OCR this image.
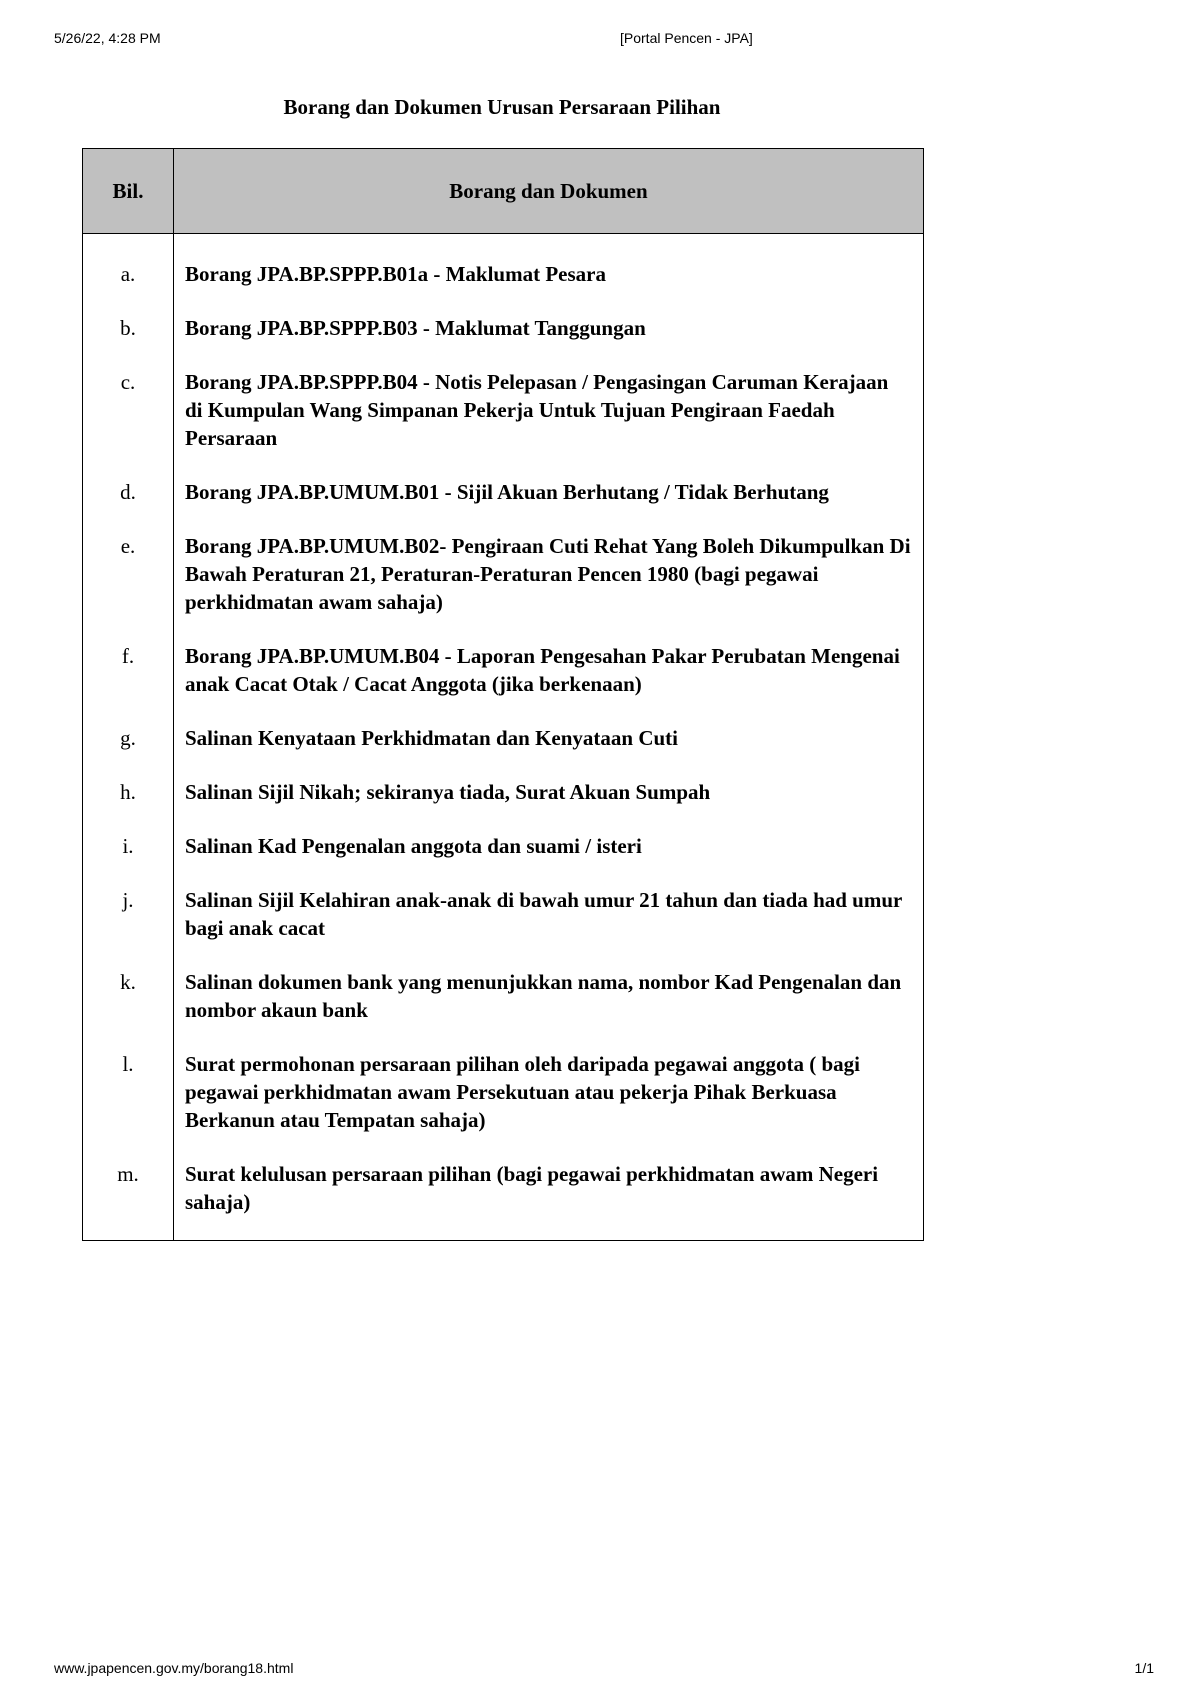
5/26/22, 4:28 PM	[Portal Pencen - JPA]
Borang dan Dokumen Urusan Persaraan Pilihan
Bil.	Borang dan Dokumen
a.	Borang JPA.BP.SPPP.B01a - Maklumat Pesara
b.	Borang JPA.BP.SPPP.B03 - Maklumat Tanggungan
c.	Borang JPA.BP.SPPP.B04 - Notis Pelepasan / Pengasingan Caruman Kerajaan di Kumpulan Wang Simpanan Pekerja Untuk Tujuan Pengiraan Faedah Persaraan
d.	Borang JPA.BP.UMUM.B01 - Sijil Akuan Berhutang / Tidak Berhutang
e.	Borang JPA.BP.UMUM.B02- Pengiraan Cuti Rehat Yang Boleh Dikumpulkan Di Bawah Peraturan 21, Peraturan-Peraturan Pencen 1980 (bagi pegawai perkhidmatan awam sahaja)
f.	Borang JPA.BP.UMUM.B04 - Laporan Pengesahan Pakar Perubatan Mengenai anak Cacat Otak / Cacat Anggota (jika berkenaan)
g.	Salinan Kenyataan Perkhidmatan dan Kenyataan Cuti
h.	Salinan Sijil Nikah; sekiranya tiada, Surat Akuan Sumpah
i.	Salinan Kad Pengenalan anggota dan suami / isteri
j.	Salinan Sijil Kelahiran anak-anak di bawah umur 21 tahun dan tiada had umur bagi anak cacat
k.	Salinan dokumen bank yang menunjukkan nama, nombor Kad Pengenalan dan nombor akaun bank
l.	Surat permohonan persaraan pilihan oleh daripada pegawai anggota ( bagi pegawai perkhidmatan awam Persekutuan atau pekerja Pihak Berkuasa Berkanun atau Tempatan sahaja)
m.	Surat kelulusan persaraan pilihan (bagi pegawai perkhidmatan awam Negeri sahaja)
www.jpapencen.gov.my/borang18.html	1/1
